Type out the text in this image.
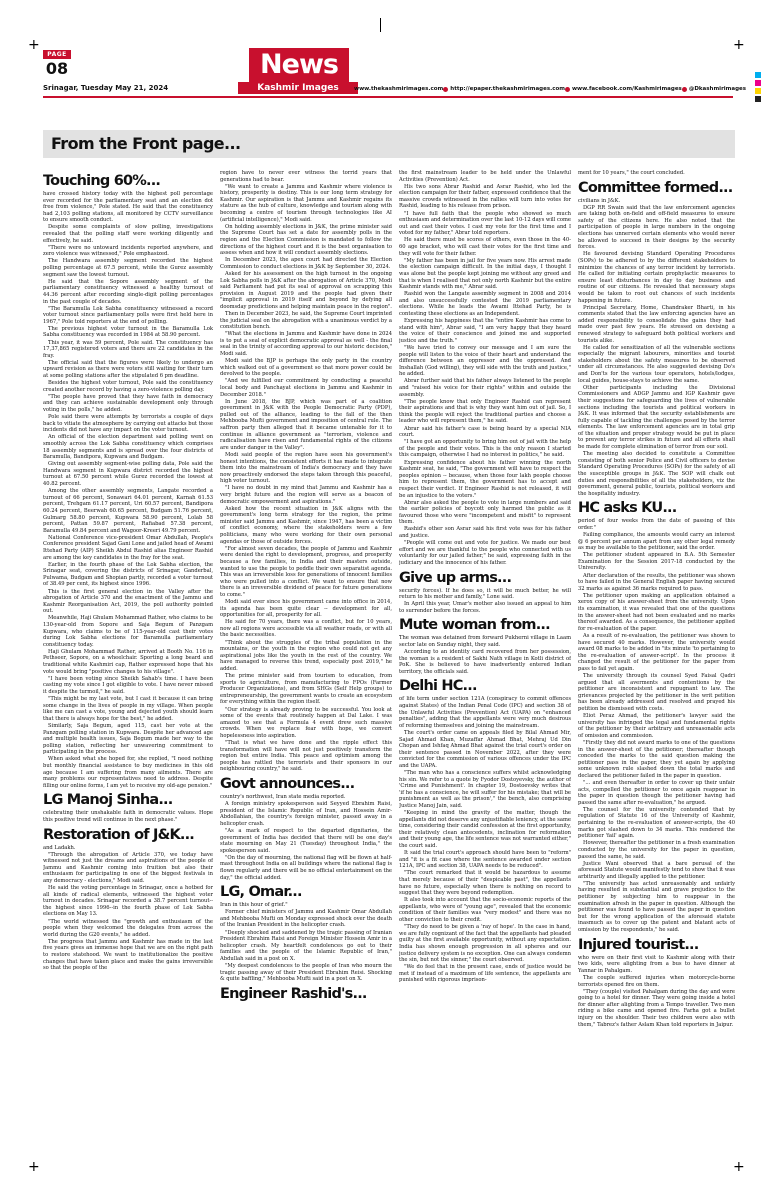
+	+
+	+
PAGE
08	News
Kashmir Images
Srinagar, Tuesday May 21, 2024	www.thekashmirimages.com http://epaper.thekashmirimages.com www.facebook.com/Kashmirimages @Dkashmirimages
From the Front page...
Touching 60%...

have crossed history today with the highest poll percentage ever recorded for the parliamentary seat and an election dot free from violence," Pole stated. He said that the constituency had 2,103 polling stations, all monitored by CCTV surveillance to ensure smooth conduct.

Despite some complaints of slow polling, investigations revealed that the polling staff were working diligently and effectively, he said.

"There were no untoward incidents reported anywhere, and zero violence was witnessed," Pole emphasized.

The Handwara assembly segment recorded the highest polling percentage at 67.5 percent, while the Gurez assembly segment saw the lowest turnout.

He said that the Sopore assembly segment of the parliamentary constituency witnessed a healthy turnout of 44.36 percent after recording single-digit polling percentages in the past couple of decades.

"The Baramulla Lok Sabha constituency witnessed a record voter turnout since parliamentary polls were first held here in 1967," Pole told reporters at the end of polling.

The previous highest voter turnout in the Baramulla Lok Sabha constituency was recorded in 1984 at 58.90 percent.

This year, it was 59 percent, Pole said. The constituency has 17,37,865 registered voters and there are 22 candidates in the fray.

The official said that the figures were likely to undergo an upward revision as there were voters still waiting for their turn at some polling stations after the stipulated 6 pm deadline.

Besides the highest voter turnout, Pole said the constituency created another record by having a zero-violence polling day.

"The people have proved that they have faith in democracy and they can achieve sustainable development only through voting in the polls," he added.

Pole said there were attempts by terrorists a couple of days back to vitiate the atmosphere by carrying out attacks but those incidents did not have any impact on the voter turnout.

An official of the election department said polling went on smoothly across the Lok Sabha constituency which comprises 18 assembly segments and is spread over the four districts of Baramulla, Bandipora, Kupwara and Budgam.

Giving out assembly segment-wise polling data, Pole said the Handwara segment in Kupwara district recorded the highest turnout at 67.50 percent while Gurez recorded the lowest at 40.82 percent.

Among the other assembly segments, Langate recorded a turnout of 66 percent, Sonawari 64.01 percent, Karnah 61.53 percent, Trehgam 61.17 percent, Uri 60.57 percent, Bandipora 60.24 percent, Beerwah 60.65 percent, Budgam 51.76 percent, Gulmarg 58.80 percent, Kupwara 58.90 percent, Lolab 58 percent, Pattan 59.87 percent, Rafiabad 57.38 percent, Baramulla 49.84 percent and Wagoor-Kreeri 49.79 percent.

National Conference vice-president Omar Abdullah, People's Conference president Sajad Gani Lone and jailed head of Awami Ittehad Party (AIP) Sheikh Abdul Rashid alias Engineer Rashid are among the key candidates in the fray for the seat.

Earlier, in the fourth phase of the Lok Sabha election, the Srinagar seat, covering the districts of Srinagar, Ganderbal, Pulwama, Budgam and Shopian partly, recorded a voter turnout of 38.49 per cent, its highest since 1996.

This is the first general election in the Valley after the abrogation of Article 370 and the enactment of the Jammu and Kashmir Reorganisation Act, 2019, the poll authority pointed out.

Meanwhile, Haji Ghulam Mohammad Rather, who claims to be 130-year-old from Sopore and Saja Begum of Panzgam Kupwara, who claims to be of 115-year-old cast their votes during Lok Sabha elections for Baramulla parliamentary constituency today.

Haji Ghulam Mohammad Rather, arrived at Booth No. 116 in Pethseer, Sopore, on a wheelchair. Sporting a long beard and traditional white Kashmiri cap, Rather expressed hope that his vote would bring "positive changes to his village".

"I have been voting since Sheikh Sahab's time. I have been casting my vote since I got eligible to vote. I have never missed it despite the turmoil," he said.

"This might be my last vote, but I cast it because it can bring some change in the lives of people in my village. When people like me can cast a vote, young and dejected youth should learn that there is always hope for the best," he added.

Similarly, Saja Begum, aged 115, cast her vote at the Panzgam polling station in Kupwara. Despite her advanced age and multiple health issues, Saja Begum made her way to the polling station, reflecting her unwavering commitment to participating in the process.

When asked what she hoped for, she replied, "I need nothing but monthly financial assistance to buy medicines in this old age because I am suffering from many ailments. There are many problems our representatives need to address. Despite filling our online forms, I am yet to receive my old-age pension."

LG Manoj Sinha...

celebrating their unshakable faith in democratic values. Hope this positive trend will continue in the next phase."

Restoration of J&K...

and Ladakh.

"Through the abrogation of Article 370, we today have witnessed not just the dreams and aspirations of the people of Jammu and Kashmir coming into fruition but also their enthusiasm for participating in one of the biggest festivals in any democracy - elections," Modi said.

He said the voting percentage in Srinagar, once a hotbed for all kinds of radical elements, witnessed the highest voter turnout in decades. Srinagar recorded a 38.7 percent turnout--the highest since 1996--in the fourth phase of Lok Sabha elections on May 13.

"The world witnessed the "growth and enthusiasm of the people when they welcomed the delegates from across the world during the G20 events," he added.

The progress that Jammu and Kashmir has made in the last five years gives an immense hope that we are on the right path to restore statehood. We want to institutionalize the positive changes that have taken place and make the gains irreversible so that the people of the

region have to never ever witness the torrid years that generations had to bear.

"We want to create a Jammu and Kashmir where violence is history, prosperity is destiny. This is our long term strategy for Kashmir. Our aspiration is that Jammu and Kashmir regains its stature as the hub of culture, knowledge and tourism along with becoming a centre of tourism through technologies like AI (artificial intelligence)," Modi said.

On holding assembly elections in J&K, the prime minister said the Supreme Court has set a date for assembly polls in the region and the Election Commission is mandated to follow the directions of the highest court and it is the best organisation to assess when and how it will conduct assembly elections.

In December 2023, the apex court had directed the Election Commission to conduct elections in J&K by September 30, 2024.

Asked for his assessment on the high turnout in the ongoing Lok Sabha polls in J&K after the abrogation of Article 370, Modi said Parliament had put its seal of approval on scrapping this provision in August 2019 and the people had given their "implicit approval in 2019 itself and beyond by defying all doomsday predictions and helping maintain peace in the region".

Then in December 2023, he said, the Supreme Court imprinted the judicial seal on the abrogation with a unanimous verdict by a constitution bench.

"What the elections in Jammu and Kashmir have done in 2024 is to put a seal of explicit democratic approval as well - the final seal in the trinity of according approval to our historic decision," Modi said.

Modi said the BJP is perhaps the only party in the country which walked out of a government so that more power could be devolved to the people.

"And we fulfilled our commitment by conducting a peaceful local body and Panchayat elections in Jammu and Kashmir in December 2018."

In June 2018, the BJP, which was part of a coalition government in J&K with the People Democratic Party (PDP), pulled out of the alliance, leading to the fall of the then Mehbooba Mufti government and imposition of central rule. The saffron party then alleged that it became untenable for it to continue in alliance government as "terrorism, violence and radicalisation have risen and fundamental rights of the citizens are under danger in the Valley".

Modi said people of the region have seen his government's honest intentions, the consistent efforts it has made to integrate them into the mainstream of India's democracy and they have now proactively endorsed the steps taken through this peaceful, high voter turnout.

"I have no doubt in my mind that Jammu and Kashmir has a very bright future and the region will serve as a beacon of democratic empowerment and aspirations."

Asked how the recent situation in J&K aligns with the government's long term strategy for the region, the prime minister said Jammu and Kashmir, since 1947, has been a victim of conflict economy, where the stakeholders were a few politicians, many who were working for their own personal agendas or those of outside forces.

"For almost seven decades, the people of Jammu and Kashmir were denied the right to development, progress, and prosperity because a few families, in India and their masters outside, wanted to use the people to peddle their own separatist agenda. This was an irreversible loss for generations of innocent families who were pulled into a conflict. We want to ensure that now there is an irreversible dividend of peace for future generations to come."

Modi said ever since his government came into office in 2014, its agenda has been quite clear -- development for all, opportunities for all, prosperity for all.

He said for 70 years, there was a conflict, but for 10 years, now all regions were accessible via all weather roads, or with all the basic necessities.

"Think about the struggles of the tribal population in the mountains, or the youth in the region who could not get any aspirational jobs like the youth in the rest of the country. We have managed to reverse this trend, especially post 2019," he added.

The prime minister said from tourism to education, from sports to agriculture, from manufacturing to FPOs (Farmer Producer Organizations), and from SHGs (Self Help groups) to entrepreneurship, the government wants to create an ecosystem for everything within the region itself.

"Our strategy is already proving to be successful. You look at some of the events that routinely happen at Dal Lake. I was amazed to see that a Formula 4 event drew such massive crowds. When we replace fear with hope, we convert hopelessness into aspiration.

"That is what we have done and the ripple effect this transformation will have will not just positively transform the region but entire India. This peace and optimism among the people has rattled the terrorists and their sponsors in our neighbouring country," he said.

Govt announces...

country's northwest, Iran state media reported.

A foreign ministry spokesperson said Seyyed Ebrahim Raisi, president of the Islamic Republic of Iran, and Hossein Amir-Abdollahian, the country's foreign minister, passed away in a helicopter crash.

"As a mark of respect to the departed dignitaries, the government of India has decided that there will be one day's state mourning on May 21 (Tuesday) throughout India," the spokesperson said.

"On the day of mourning, the national flag will be flown at half-mast throughout India on all buildings where the national flag is flown regularly and there will be no official entertainment on the day," the official added.

LG, Omar...

Iran in this hour of grief."

Former chief ministers of Jammu and Kashmir Omar Abdullah and Mehbooba Mufti on Monday expressed shock over the death of the Iranian President in the helicopter crash.

"Deeply shocked and saddened by the tragic passing of Iranian President Ebrahim Raisi and Foreign Minister Hossein Amir in a helicopter crash. My heartfelt condolences go out to their families and the people of the Islamic Republic of Iran," Abdullah said in a post on X.

"My deepest condolences to the people of Iran who mourn the tragic passing away of their President Ebrahim Reisi. Shocking & quite baffling," Mehbooba Mufti said in a post on X.

Engineer Rashid's...

the first mainstream leader to be held under the Unlawful Activities (Prevention) Act.

His two sons Abrar Rashid and Asrar Rashid, who led the election campaign for their father, expressed confidence that the massive crowds witnessed in the rallies will turn into votes for Rashid, leading to his release from prison.

"I have full faith that the people who showed so much enthusiasm and determination over the last 10-12 days will come out and cast their votes. I cast my vote for the first time and I voted for my father," Abrar told reporters.

He said there must be scores of others, even those in the 40-60 age bracket, who will cast their votes for the first time and they will vote for their father.

"My father has been in jail for five years now. His arrest made the election campaign difficult. In the initial days, I thought I was alone but the people kept joining me without any greed and that is when I realised that not only north Kashmir but the entire Kashmir stands with me," Abrar said.

Rashid won the Langate assembly segment in 2008 and 2014 and also unsuccessfully contested the 2019 parliamentary elections. While he leads the Awami Ittehad Party, he is contesting these elections as an Independent.

Expressing his happiness that the "entire Kashmir has come to stand with him", Abrar said, "I am very happy that they heard the voice of their conscience and joined me and supported justice and the truth."

"We have tried to convey our message and I am sure the people will listen to the voice of their heart and understand the difference between an oppressor and the oppressed. And Inshallah (God willing), they will side with the truth and justice," he added.

Abrar further said that his father always listened to the people and "raised his voice for their rights" within and outside the assembly.

"The people know that only Engineer Rashid can represent their aspirations and that is why they want him out of jail. So, I think the people will reject the traditional parties and choose a leader who will represent them," he said.

Abrar said his father's case is being heard by a special NIA court.

"I have got an opportunity to bring him out of jail with the help of the people and their votes. This is the only reason I started this campaign, otherwise I had no interest in politics," he said.

Expressing confidence about his father winning the north Kashmir seat, he said, "The government will have to respect the peoples opinion -- because, when those four lakh people choose him to represent them, the government has to accept and respect their verdict. If Engineer Rashid is not released, it will be an injustice to the voters."

Abrar also asked the people to vote in large numbers and said the earlier policies of boycott only harmed the public as it favoured those who were "incompetent and misfit" to represent them.

Rashid's other son Asrar said his first vote was for his father and justice.

"People will come out and vote for justice. We made our best effort and we are thankful to the people who connected with us voluntarily for our jailed father," he said, expressing faith in the judiciary and the innocence of his father.

Give up arms...

security forces). If he does so, it will be much better, he will return to his mother and family," Lone said.

In April this year, Umar's mother also issued an appeal to him to surrender before the forces.

Mute woman from...

The woman was detained from forward Pukherni village in Laam sector late on Sunday night, they said.

According to an identity card recovered from her possession, the woman is a resident of Sakhi Nath village in Kotli district of PoK. She is believed to have inadvertently entered Indian territory, the officials said.

Delhi HC...

of life term under section 121A (conspiracy to commit offences against States) of the Indian Penal Code (IPC) and section 38 of the Unlawful Activities (Prevention) Act (UAPA) on "enhanced penalties", adding that the appellants were very much desirous of reforming themselves and joining the mainstream.

The court's order came on appeals filed by Bilal Ahmad Mir, Sajad Ahmad Khan, Muzaffar Ahmad Bhat, Mehraj Ud Din Chopan and Ishfaq Ahmad Bhat against the trial court's order on their sentence passed in November 2022, after they were convicted for the commission of various offences under the IPC and the UAPA.

"The man who has a conscience suffers whilst acknowledging his sin. We refer to a quote by Fyodor Dostoyevsky, the author of 'Crime and Punishment'. In chapter 19, Dostoevsky writes that 'if he has a conscience, he will suffer for his mistake; that will be punishment as well as the prison'," the bench, also comprising Justice Manoj Jain, said.

"Keeping in mind the gravity of the matter, though the appellants did not deserve any unjustifiable leniency, at the same time, considering their candid confession at the first opportunity, their relatively clean antecedents, inclination for reformation and their young age, the life sentence was not warranted either," the court said.

It said the trial court's approach should have been to "reform" and "it is a fit case where the sentence awarded under section 121A, IPC and section 38, UAPA needs to be reduced".

"The court remarked that it would be hazardous to assume that merely because of their "despicable past", the appellants have no future, especially when there is nothing on record to suggest that they were beyond redemption.

It also took into account that the socio-economic reports of the appellants, who were of "young age", revealed that the economic condition of their families was "very modest" and there was no other conviction to their credit.

"They do need to be given a 'ray of hope'. In the case in hand, we are fully cognizant of the fact that the appellants had pleaded guilty at the first available opportunity, without any expectation. India has shown enough progression in all spheres and our justice delivery system is no exception. One can always condemn the sin, but not the sinner," the court observed.

"We do feel that in the present case, ends of justice would be met if instead of a maximum of life sentence, the appellants are punished with rigorous imprison-

ment for 10 years," the court concluded.

Committee formed...

civilians in J&K.

DGP RR Swain said that the law enforcement agencies are taking both on-field and off-field measures to ensure safety of the citizens here. He also noted that the participation of people in large numbers in the ongoing elections has unnerved certain elements who would never be allowed to succeed in their designs by the security forces.

He favoured devising Standard Operating Procedures (SOPs) to be adhered to by the different stakeholders to minimize the chances of any terror incident by terrorists. He called for initiating certain prophylactic measures to ensure least disturbances in day to day business and routine of our citizens. He revealed that necessary steps would be taken to root out chances of such incidents happening in future.

Principal Secretary, Home, Chandraker Bharti, in his comments stated that the law enforcing agencies have an added responsibility to consolidate the gains they had made over past few years. He stressed on devising a renewed strategy to safeguard both political workers and tourists alike.

He called for sensitization of all the vulnerable sections especially the migrant labourers, minorities and tourist stakeholders about the safety measures to be observed under all circumstances. He also suggested devising Do's and Don'ts for the various tour operators, hotels/lodges, local guides, house-stays to achieve the same.

Other participants including the Divisional Commissioners and ADGP Jammu and IGP Kashmir gave their suggestions for safeguarding the lives of vulnerable sections including the tourists and political workers in J&K. It was informed that the security establishments are fully capable of tackling the challenges posed by the terror elements. The law enforcement agencies are in total grip of the situation and proper strategy would be put in place to prevent any terror strikes in future and all efforts shall be made for complete elimination of terror from our soil.

The meeting also decided to constitute a Committee consisting of both senior Police and Civil officers to devise Standard Operating Procedures (SOPs) for the safety of all the susceptible groups in J&K. The SOP will chalk out duties and responsibilities of all the stakeholders, viz the government, general public, tourists, political workers and the hospitality industry.

HC asks KU...

period of four weeks from the date of passing of this order."

Failing compliance, the amounts would carry an interest @ 6 percent per annum apart from any other legal remedy as may be available to the petitioner, said the order.

The petitioner student appeared in B.A. 5th Semester Examination for the Session 2017-18 conducted by the University.

After declaration of the results, the petitioner was shown to have failed in the General English paper having secured 32 marks as against 36 marks required to pass.

The petitioner upon making an application obtained a xerox copy of his answer-sheet from the university. Upon its examination, it was revealed that one of the questions in the answer-sheet had not been evaluated and no marks thereof awarded. As a consequence, the petitioner applied for re-evaluation of the paper.

As a result of re-evaluation, the petitioner was shown to have secured 40 marks. However, the university would award 08 marks to be added in "its minute 'to pertaining to the re-evaluation of answer-script'. In the process it changed the result of the petitioner for the paper from pass to fail yet again.

The university through its counsel Syed Faisal Qadri argued that all averments and contentions by the petitioner are inconsistent and repugnant to law. The grievances projected by the petitioner in the writ petition has been already addressed and resolved and prayed his petition be dismissed with costs.

Eliot Peraz Ahmad, the petitioner's lawyer said the university has infringed the legal and fundamental rights of the petitioner by their arbitrary and unreasonable acts of omission and commission.

"Firstly they did not award marks to one of the questions in the answer-sheet of the petitioner; thereafter though conceded the marks to the said question making the petitioner pass in the paper, they yet again by applying some unknown rule slashed down the total marks and declared the petitioner failed in the paper in question.

"... and even thereafter in order to cover up their unfair acts, compelled the petitioner to once again reappear in the paper in question though the petitioner having had passed the same after re-evaluation," he argued.

The counsel for the university contended that by regulation of Statute 16 of the University of Kashmir, pertaining to the re-evaluation of answer-scripts, the 40 marks got slashed down to 34 marks. This rendered the petitioner 'fail' again.

However, thereafter the petitioner in a fresh examination conducted by the university for the paper in question, passed the same, he said.

Justice Wani observed that a bare perusal of the aforesaid Statute would manifestly tend to show that it was arbitrarily and illegally applied to the petitioner.

"The university has acted unreasonably and unfairly having resulted in substantial and grave prejudice to the petitioner by subjecting him to reappear in the examination afresh in the paper in question. Although the petitioner was found to have passed the paper in question but for the wrong application of the aforesaid statute inasmuch as to cover up the patent and blatant acts of omission by the respondents," he said.

Injured tourist...

who were on their first visit to Kashmir along with their two kids, were alighting from a bus to have dinner at Yannar in Pahalgam.

The couple suffered injuries when motorcycle-borne terrorists opened fire on them.

"They (couple) visited Pahalgam during the day and were going to a hotel for dinner. They were going inside a hotel for dinner after alighting from a Tempo traveller. Two men riding a bike came and opened fire. Farha got a bullet injury on the shoulder. Their two children were also with them," Tabrez's father Aslam Khan told reporters in Jaipur.
